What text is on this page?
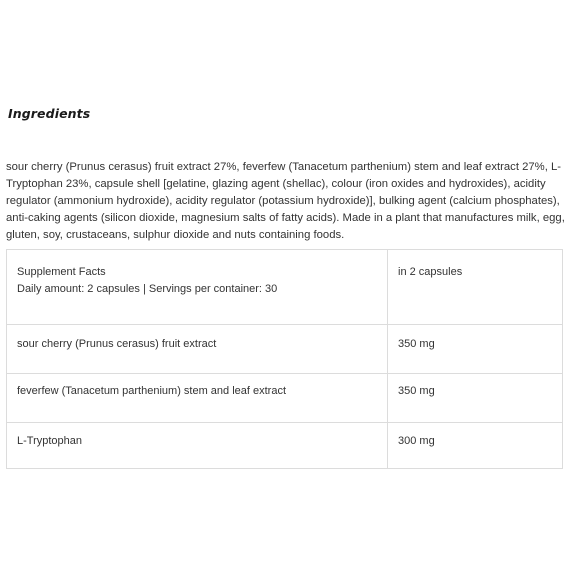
Ingredients

sour cherry (Prunus cerasus) fruit extract 27%, feverfew (Tanacetum parthenium) stem and leaf extract 27%, L-Tryptophan 23%, capsule shell [gelatine, glazing agent (shellac), colour (iron oxides and hydroxides), acidity regulator (ammonium hydroxide), acidity regulator (potassium hydroxide)], bulking agent (calcium phosphates), anti-caking agents (silicon dioxide, magnesium salts of fatty acids). Made in a plant that manufactures milk, egg, gluten, soy, crustaceans, sulphur dioxide and nuts containing foods.

Supplement Facts
Daily amount: 2 capsules | Servings per container: 30	in 2 capsules
sour cherry (Prunus cerasus) fruit extract	350 mg
feverfew (Tanacetum parthenium) stem and leaf extract	350 mg
L-Tryptophan	300 mg
